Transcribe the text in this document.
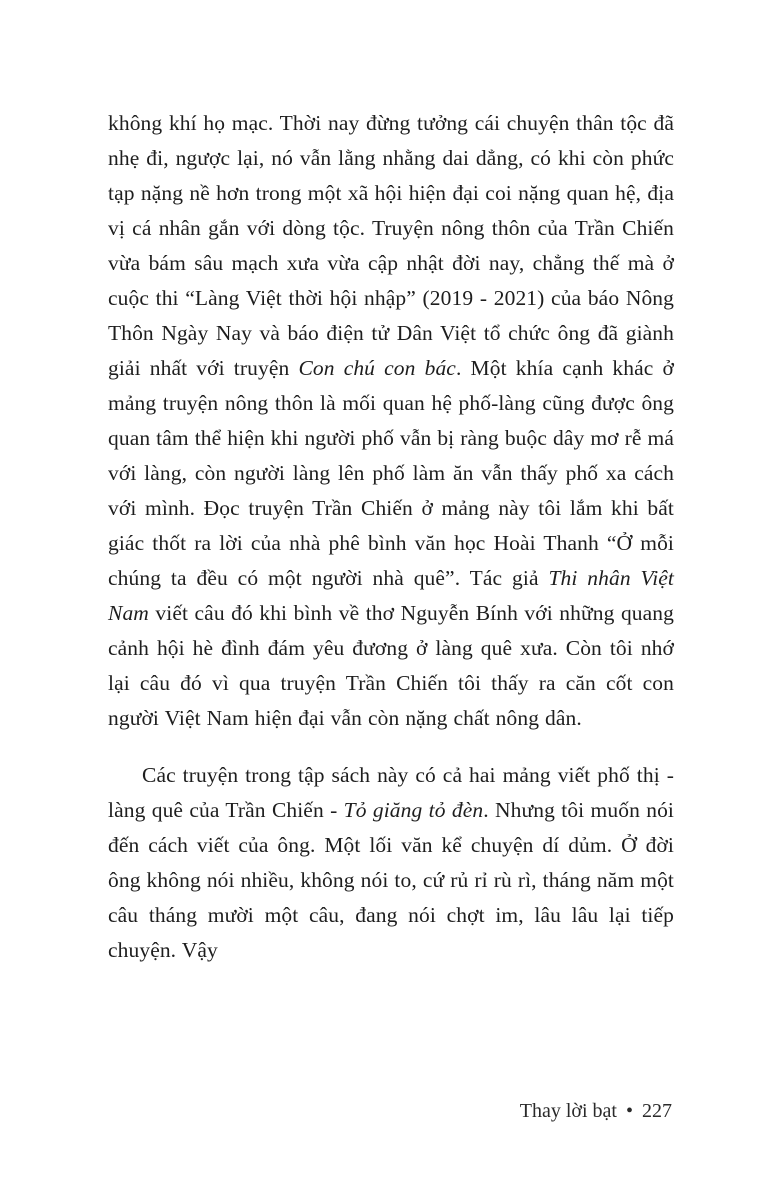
không khí họ mạc. Thời nay đừng tưởng cái chuyện thân tộc đã nhẹ đi, ngược lại, nó vẫn lằng nhằng dai dẳng, có khi còn phức tạp nặng nề hơn trong một xã hội hiện đại coi nặng quan hệ, địa vị cá nhân gắn với dòng tộc. Truyện nông thôn của Trần Chiến vừa bám sâu mạch xưa vừa cập nhật đời nay, chẳng thế mà ở cuộc thi “Làng Việt thời hội nhập” (2019 - 2021) của báo Nông Thôn Ngày Nay và báo điện tử Dân Việt tổ chức ông đã giành giải nhất với truyện Con chú con bác. Một khía cạnh khác ở mảng truyện nông thôn là mối quan hệ phố-làng cũng được ông quan tâm thể hiện khi người phố vẫn bị ràng buộc dây mơ rễ má với làng, còn người làng lên phố làm ăn vẫn thấy phố xa cách với mình. Đọc truyện Trần Chiến ở mảng này tôi lắm khi bất giác thốt ra lời của nhà phê bình văn học Hoài Thanh “Ở mỗi chúng ta đều có một người nhà quê”. Tác giả Thi nhân Việt Nam viết câu đó khi bình về thơ Nguyễn Bính với những quang cảnh hội hè đình đám yêu đương ở làng quê xưa. Còn tôi nhớ lại câu đó vì qua truyện Trần Chiến tôi thấy ra căn cốt con người Việt Nam hiện đại vẫn còn nặng chất nông dân.

Các truyện trong tập sách này có cả hai mảng viết phố thị - làng quê của Trần Chiến - Tỏ giăng tỏ đèn. Nhưng tôi muốn nói đến cách viết của ông. Một lối văn kể chuyện dí dủm. Ở đời ông không nói nhiều, không nói to, cứ rủ rỉ rù rì, tháng năm một câu tháng mười một câu, đang nói chợt im, lâu lâu lại tiếp chuyện. Vậy

Thay lời bạt • 227
